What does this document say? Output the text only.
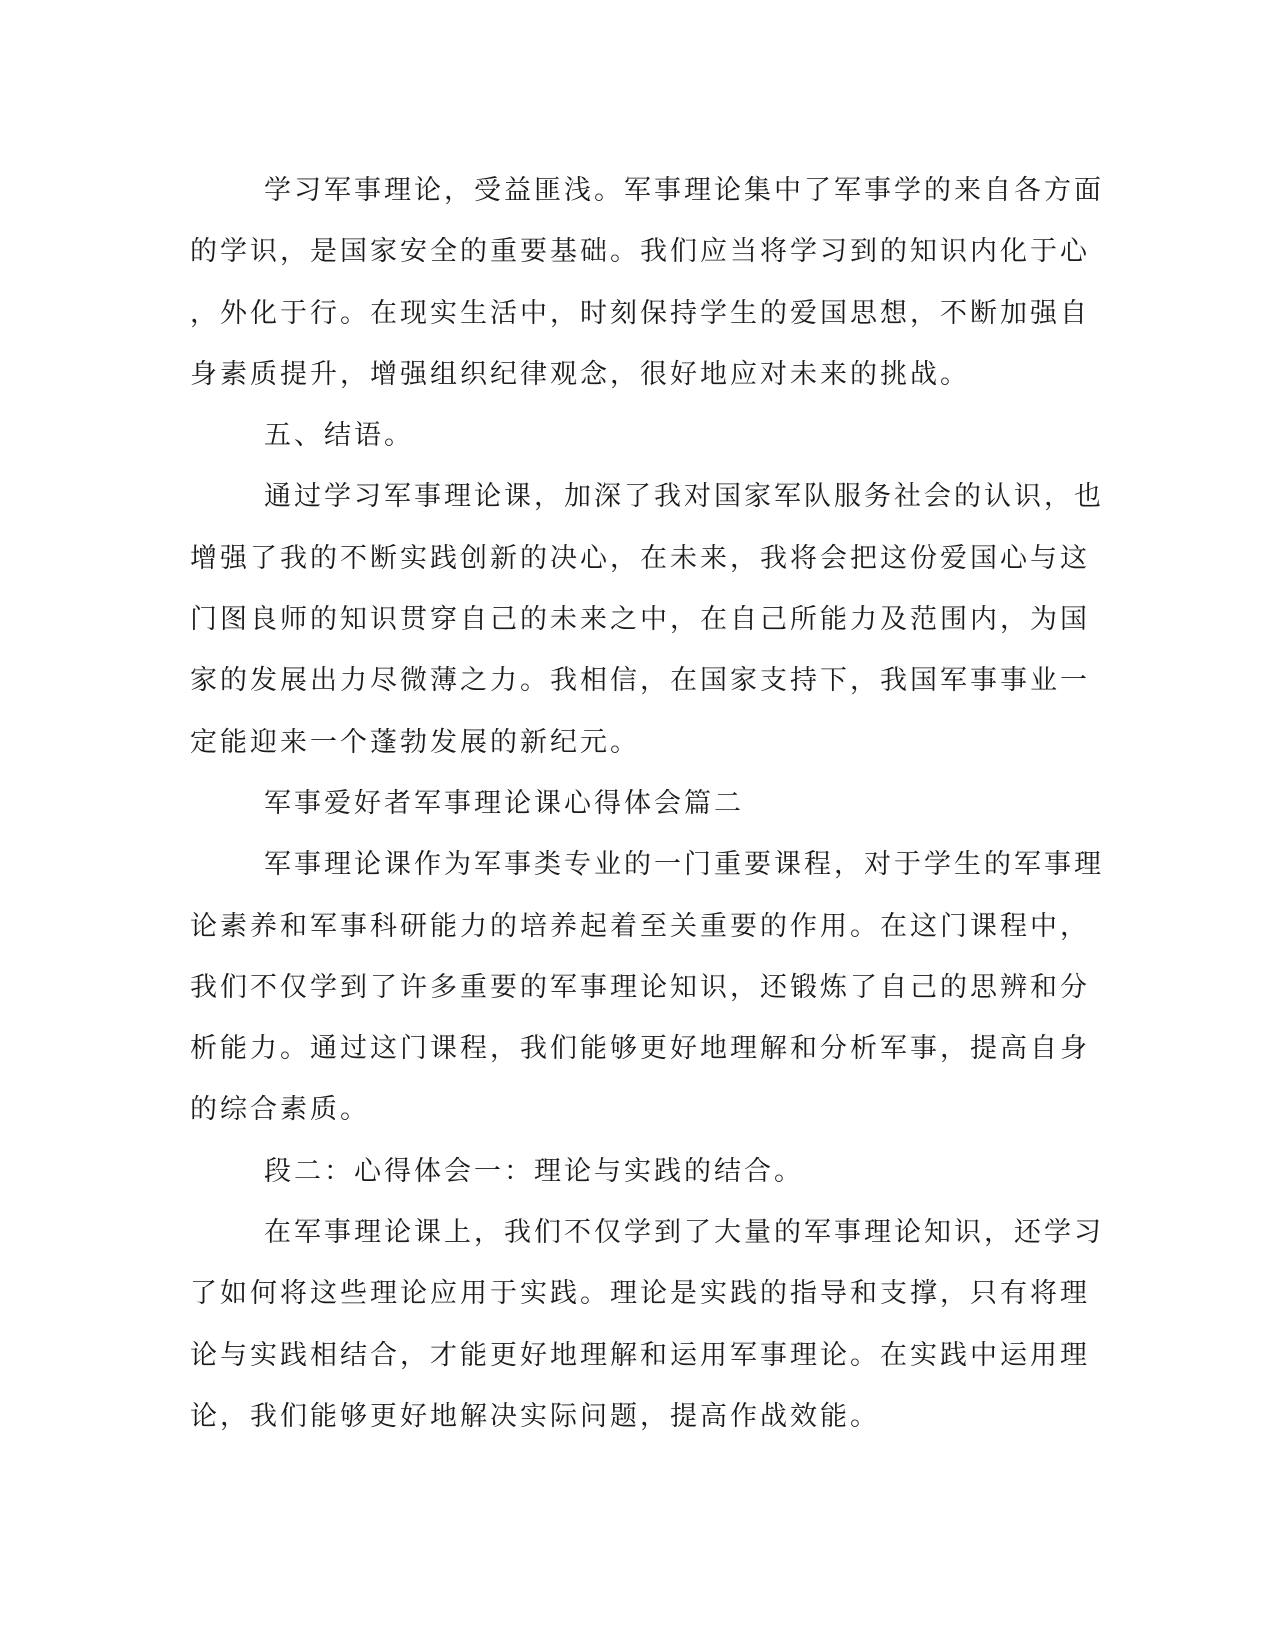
学习军事理论，受益匪浅。军事理论集中了军事学的来自各方面
的学识，是国家安全的重要基础。我们应当将学习到的知识内化于心
，外化于行。在现实生活中，时刻保持学生的爱国思想，不断加强自
身素质提升，增强组织纪律观念，很好地应对未来的挑战。
五、结语。
通过学习军事理论课，加深了我对国家军队服务社会的认识，也
增强了我的不断实践创新的决心，在未来，我将会把这份爱国心与这
门图良师的知识贯穿自己的未来之中，在自己所能力及范围内，为国
家的发展出力尽微薄之力。我相信，在国家支持下，我国军事事业一
定能迎来一个蓬勃发展的新纪元。
军事爱好者军事理论课心得体会篇二
军事理论课作为军事类专业的一门重要课程，对于学生的军事理
论素养和军事科研能力的培养起着至关重要的作用。在这门课程中，
我们不仅学到了许多重要的军事理论知识，还锻炼了自己的思辨和分
析能力。通过这门课程，我们能够更好地理解和分析军事，提高自身
的综合素质。
段二：心得体会一：理论与实践的结合。
在军事理论课上，我们不仅学到了大量的军事理论知识，还学习
了如何将这些理论应用于实践。理论是实践的指导和支撑，只有将理
论与实践相结合，才能更好地理解和运用军事理论。在实践中运用理
论，我们能够更好地解决实际问题，提高作战效能。
